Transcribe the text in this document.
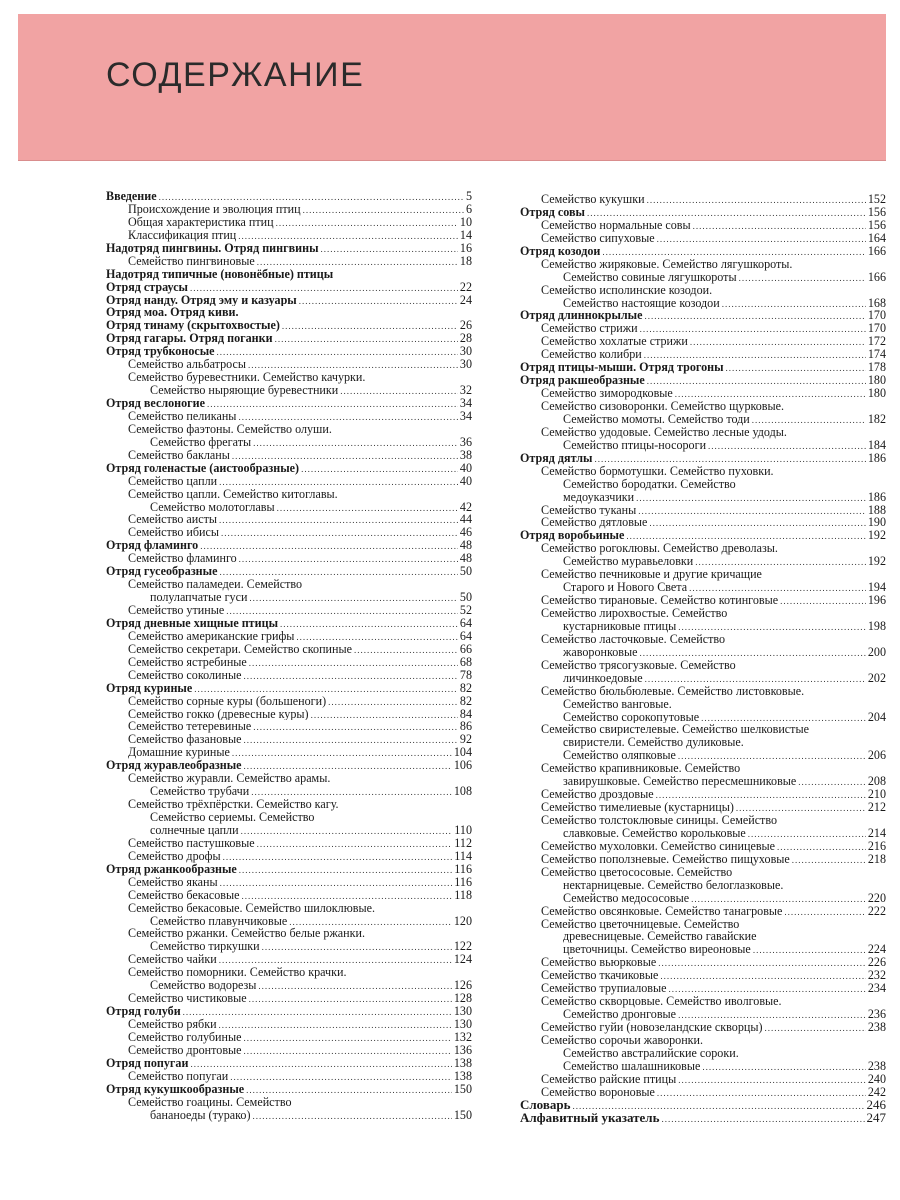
СОДЕРЖАНИЕ
Введение .....	5
Происхождение и эволюция птиц .....	6
Общая характеристика птиц .....	10
Классификация птиц .....	14
Надотряд пингвины. Отряд пингвины .....	16
Семейство пингвиновые .....	18
Надотряд типичные (новонёбные) птицы
Отряд страусы .....	22
Отряд нанду. Отряд эму и казуары .....	24
Отряд моа. Отряд киви.
Отряд тинаму (скрытохвостые) .....	26
Отряд гагары. Отряд поганки .....	28
Отряд трубконосые .....	30
Семейство альбатросы .....	30
Семейство буревестники. Семейство качурки.
Семейство ныряющие буревестники .....	32
Отряд веслоногие .....	34
Семейство пеликаны .....	34
Семейство фаэтоны. Семейство олуши.
Семейство фрегаты .....	36
Семейство бакланы .....	38
Отряд голенастые (аистообразные) .....	40
Семейство цапли .....	40
Семейство цапли. Семейство китоглавы.
Семейство молотоглавы .....	42
Семейство аисты .....	44
Семейство ибисы .....	46
Отряд фламинго .....	48
Семейство фламинго .....	48
Отряд гусеобразные .....	50
Семейство паламедеи. Семейство
полулапчатые гуси .....	50
Семейство утиные .....	52
Отряд дневные хищные птицы .....	64
Семейство американские грифы .....	64
Семейство секретари. Семейство скопиные .....	66
Семейство ястребиные .....	68
Семейство соколиные .....	78
Отряд куриные .....	82
Семейство сорные куры (большеноги) .....	82
Семейство гокко (древесные куры) .....	84
Семейство тетеревиные .....	86
Семейство фазановые .....	92
Домашние куриные .....	104
Отряд журавлеобразные .....	106
Семейство журавли. Семейство арамы.
Семейство трубачи .....	108
Семейство трёхпёрстки. Семейство кагу.
Семейство сериемы. Семейство
солнечные цапли .....	110
Семейство пастушковые .....	112
Семейство дрофы .....	114
Отряд ржанкообразные .....	116
Семейство яканы .....	116
Семейство бекасовые .....	118
Семейство бекасовые. Семейство шилоклювые.
Семейство плавунчиковые .....	120
Семейство ржанки. Семейство белые ржанки.
Семейство тиркушки .....	122
Семейство чайки .....	124
Семейство поморники. Семейство крачки.
Семейство водорезы .....	126
Семейство чистиковые .....	128
Отряд голуби .....	130
Семейство рябки .....	130
Семейство голубиные .....	132
Семейство дронтовые .....	136
Отряд попугаи .....	138
Семейство попугаи .....	138
Отряд кукушкообразные .....	150
Семейство гоацины. Семейство
бананоеды (турако) .....	150
Семейство кукушки .....	152
Отряд совы .....	156
Семейство нормальные совы .....	156
Семейство сипуховые .....	164
Отряд козодои .....	166
Семейство жиряковые. Семейство лягушкороты.
Семейство совиные лягушкороты .....	166
Семейство исполинские козодои.
Семейство настоящие козодои .....	168
Отряд длиннокрылые .....	170
Семейство стрижи .....	170
Семейство хохлатые стрижи .....	172
Семейство колибри .....	174
Отряд птицы-мыши. Отряд трогоны .....	178
Отряд ракшеобразные .....	180
Семейство зимородковые .....	180
Семейство сизоворонки. Семейство щурковые.
Семейство момоты. Семейство тоди .....	182
Семейство удодовые. Семейство лесные удоды.
Семейство птицы-носороги .....	184
Отряд дятлы .....	186
Семейство бормотушки. Семейство пуховки.
Семейство бородатки. Семейство
медоуказчики .....	186
Семейство туканы .....	188
Семейство дятловые .....	190
Отряд воробьиные .....	192
Семейство рогоклювы. Семейство древолазы.
Семейство муравьеловки .....	192
Семейство печниковые и другие кричащие
Старого и Нового Света .....	194
Семейство тирановые. Семейство котинговые .....	196
Семейство лирохвостые. Семейство
кустарниковые птицы .....	198
Семейство ласточковые. Семейство
жаворонковые .....	200
Семейство трясогузковые. Семейство
личинкоедовые .....	202
Семейство бюльбюлевые. Семейство листовковые.
Семейство ванговые.
Семейство сорокопутовые .....	204
Семейство свиристелевые. Семейство шелковистые
свиристели. Семейство дуликовые.
Семейство оляпковые .....	206
Семейство крапивниковые. Семейство
завирушковые. Семейство пересмешниковые .....	208
Семейство дроздовые .....	210
Семейство тимелиевые (кустарницы) .....	212
Семейство толстоклювые синицы. Семейство
славковые. Семейство корольковые .....	214
Семейство мухоловки. Семейство синицевые .....	216
Семейство поползневые. Семейство пищуховые .....	218
Семейство цветососовые. Семейство
нектарницевые. Семейство белоглазковые.
Семейство медососовые .....	220
Семейство овсянковые. Семейство танагровые .....	222
Семейство цветочницевые. Семейство
древесницевые. Семейство гавайские
цветочницы. Семейство виреоновые .....	224
Семейство вьюрковые .....	226
Семейство ткачиковые .....	232
Семейство трупиаловые .....	234
Семейство скворцовые. Семейство иволговые.
Семейство дронговые .....	236
Семейство гуйи (новозеландские скворцы) .....	238
Семейство сорочьи жаворонки.
Семейство австралийские сороки.
Семейство шалашниковые .....	238
Семейство райские птицы .....	240
Семейство вороновые .....	242
Словарь .....	246
Алфавитный указатель .....	247
